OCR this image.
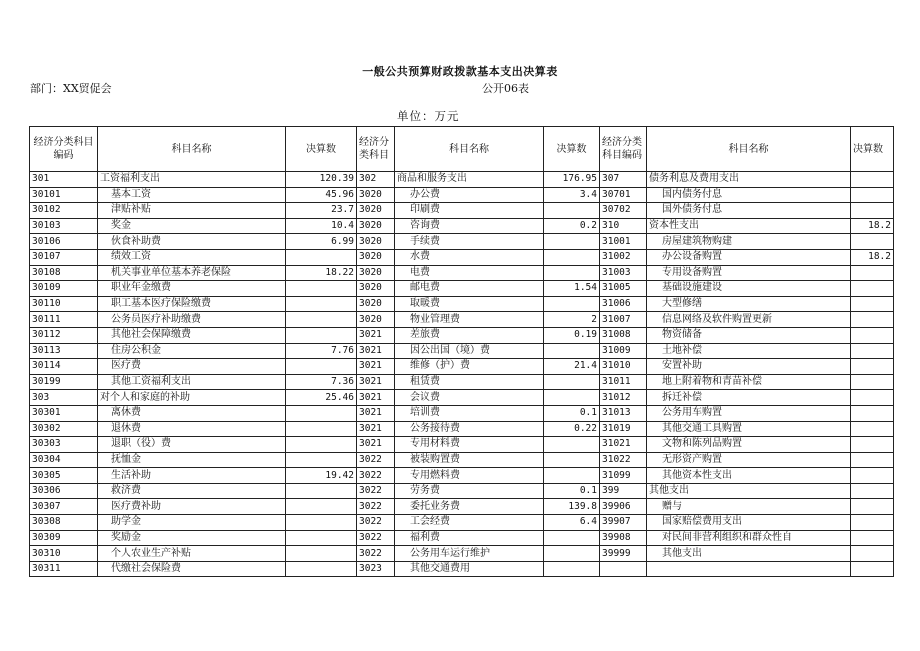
一般公共预算财政拨款基本支出决算表
部门：XX贸促会	公开06表
单位：万元
经济分类科目编码	科目名称	决算数	经济分类科目	科目名称	决算数	经济分类科目编码	科目名称	决算数
301	工资福利支出	120.39	302	商品和服务支出	176.95	307	债务利息及费用支出	
30101	基本工资	45.96	3020	办公费	3.4	30701	国内债务付息	
30102	津贴补贴	23.7	3020	印刷费		30702	国外债务付息	
30103	奖金	10.4	3020	咨询费	0.2	310	资本性支出	18.2
30106	伙食补助费	6.99	3020	手续费		31001	房屋建筑物购建	
30107	绩效工资		3020	水费		31002	办公设备购置	18.2
30108	机关事业单位基本养老保险	18.22	3020	电费		31003	专用设备购置	
30109	职业年金缴费		3020	邮电费	1.54	31005	基础设施建设	
30110	职工基本医疗保险缴费		3020	取暖费		31006	大型修缮	
30111	公务员医疗补助缴费		3020	物业管理费	2	31007	信息网络及软件购置更新	
30112	其他社会保障缴费		3021	差旅费	0.19	31008	物资储备	
30113	住房公积金	7.76	3021	因公出国（境）费		31009	土地补偿	
30114	医疗费		3021	维修（护）费	21.4	31010	安置补助	
30199	其他工资福利支出	7.36	3021	租赁费		31011	地上附着物和青苗补偿	
303	对个人和家庭的补助	25.46	3021	会议费		31012	拆迁补偿	
30301	离休费		3021	培训费	0.1	31013	公务用车购置	
30302	退休费		3021	公务接待费	0.22	31019	其他交通工具购置	
30303	退职（役）费		3021	专用材料费		31021	文物和陈列品购置	
30304	抚恤金		3022	被装购置费		31022	无形资产购置	
30305	生活补助	19.42	3022	专用燃料费		31099	其他资本性支出	
30306	救济费		3022	劳务费	0.1	399	其他支出	
30307	医疗费补助		3022	委托业务费	139.8	39906	赠与	
30308	助学金		3022	工会经费	6.4	39907	国家赔偿费用支出	
30309	奖励金		3022	福利费		39908	对民间非营利组织和群众性自	
30310	个人农业生产补贴		3022	公务用车运行维护		39999	其他支出	
30311	代缴社会保险费		3023	其他交通费用				
